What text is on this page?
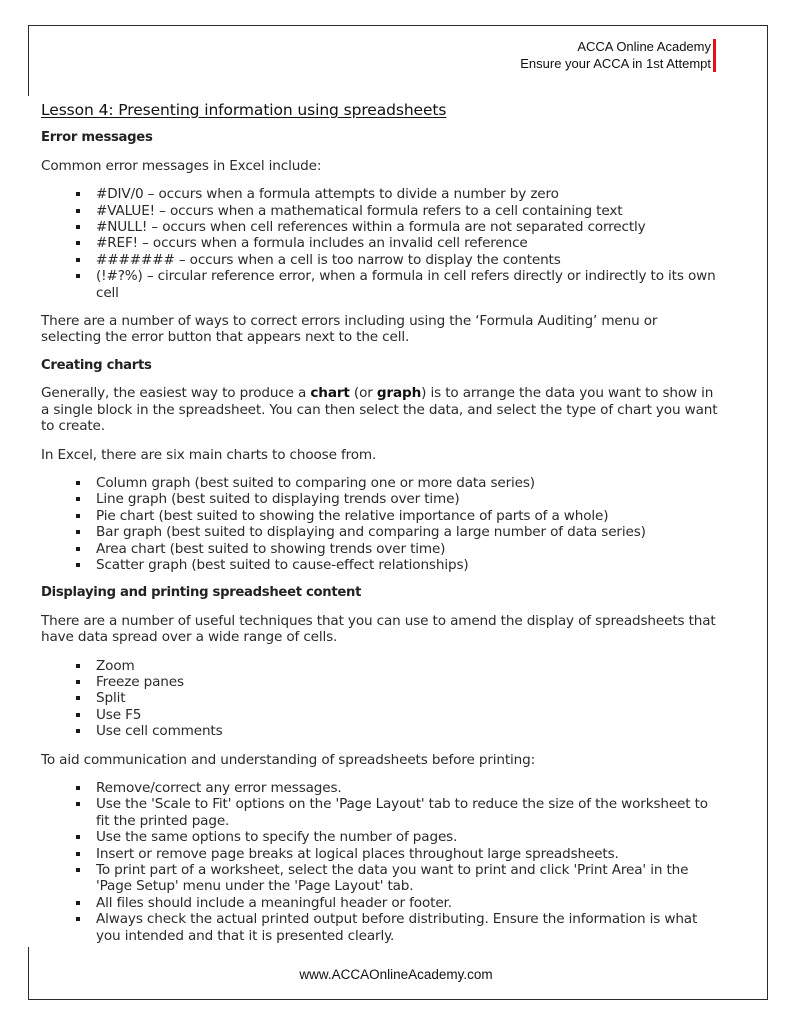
ACCA Online Academy
Ensure your ACCA in 1st Attempt
Lesson 4: Presenting information using spreadsheets
Error messages

Common error messages in Excel include:

#DIV/0 – occurs when a formula attempts to divide a number by zero
#VALUE! – occurs when a mathematical formula refers to a cell containing text
#NULL! – occurs when cell references within a formula are not separated correctly
#REF! – occurs when a formula includes an invalid cell reference
####### – occurs when a cell is too narrow to display the contents
(!#?%) – circular reference error, when a formula in cell refers directly or indirectly to its own cell

There are a number of ways to correct errors including using the ‘Formula Auditing’ menu or selecting the error button that appears next to the cell.

Creating charts

Generally, the easiest way to produce a chart (or graph) is to arrange the data you want to show in a single block in the spreadsheet. You can then select the data, and select the type of chart you want to create.

In Excel, there are six main charts to choose from.

Column graph (best suited to comparing one or more data series)
Line graph (best suited to displaying trends over time)
Pie chart (best suited to showing the relative importance of parts of a whole)
Bar graph (best suited to displaying and comparing a large number of data series)
Area chart (best suited to showing trends over time)
Scatter graph (best suited to cause-effect relationships)
Displaying and printing spreadsheet content

There are a number of useful techniques that you can use to amend the display of spreadsheets that have data spread over a wide range of cells.

Zoom
Freeze panes
Split
Use F5
Use cell comments

To aid communication and understanding of spreadsheets before printing:

Remove/correct any error messages.
Use the 'Scale to Fit' options on the 'Page Layout' tab to reduce the size of the worksheet to fit the printed page.
Use the same options to specify the number of pages.
Insert or remove page breaks at logical places throughout large spreadsheets.
To print part of a worksheet, select the data you want to print and click 'Print Area' in the 'Page Setup' menu under the 'Page Layout' tab.
All files should include a meaningful header or footer.
Always check the actual printed output before distributing. Ensure the information is what you intended and that it is presented clearly.
www.ACCAOnlineAcademy.com
